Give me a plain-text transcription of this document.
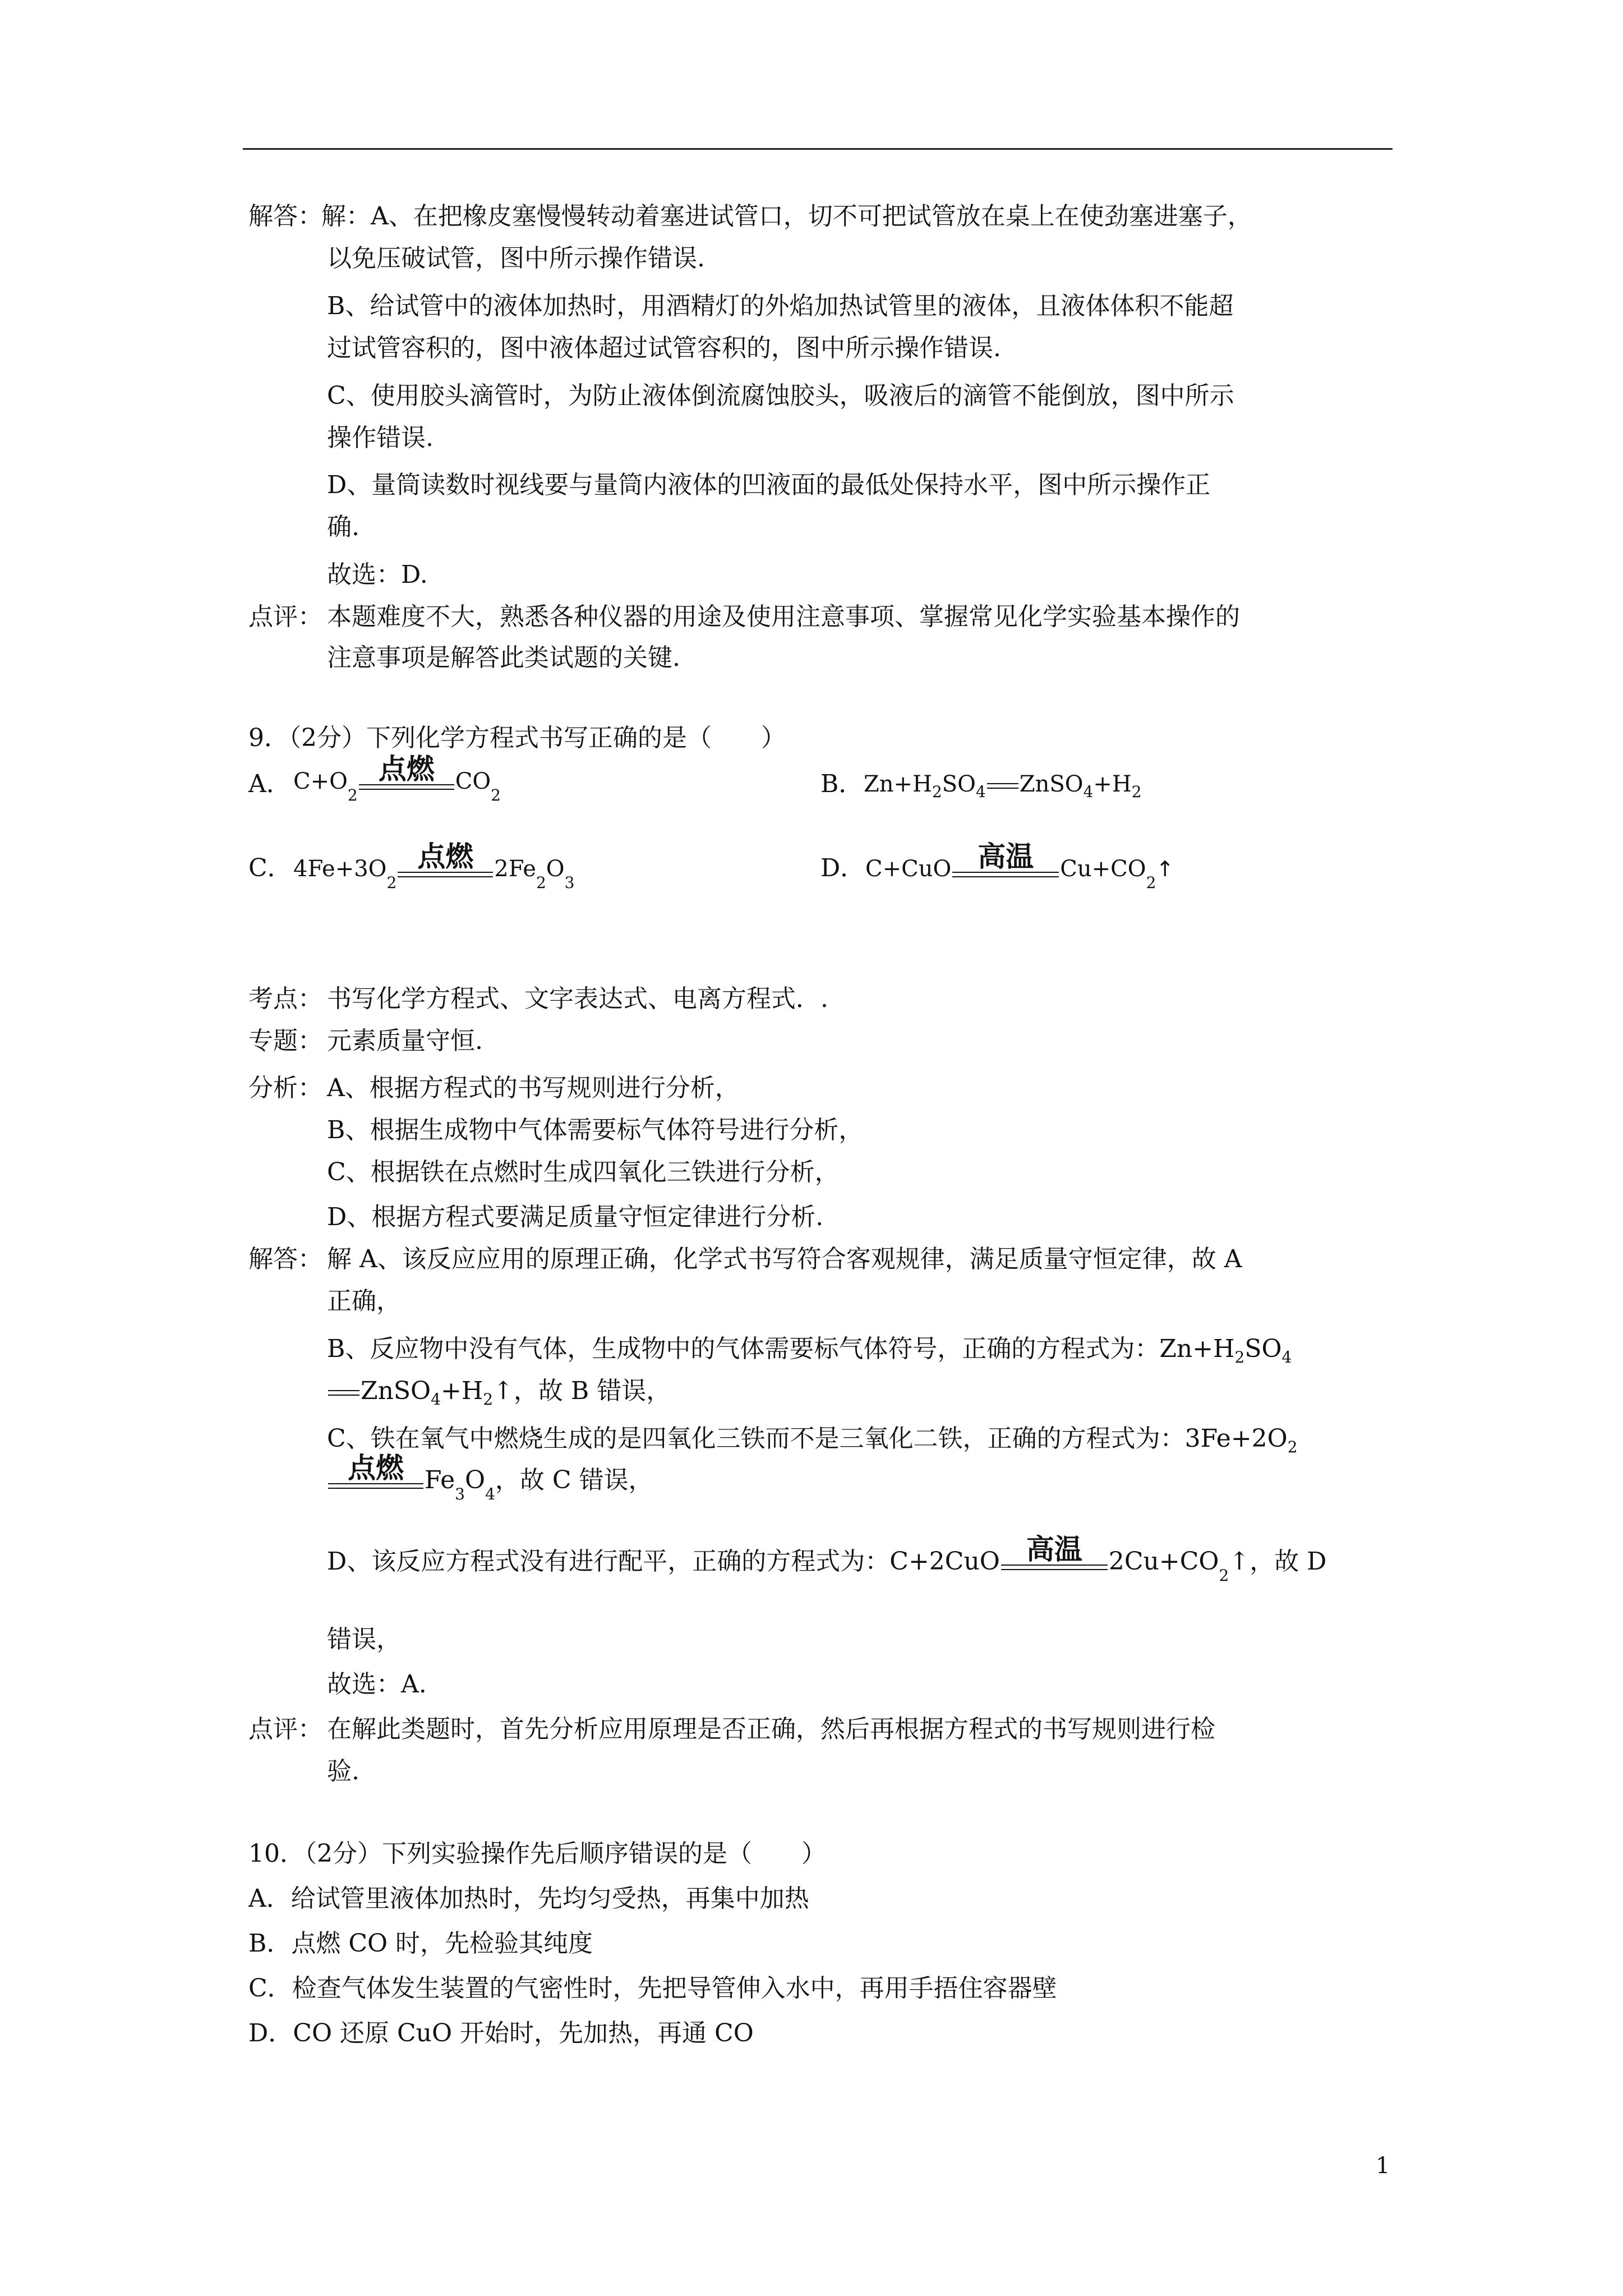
解答：
解：A、在把橡皮塞慢慢转动着塞进试管口，切不可把试管放在桌上在使劲塞进塞子，
以免压破试管，图中所示操作错误.
B、给试管中的液体加热时，用酒精灯的外焰加热试管里的液体，且液体体积不能超
过试管容积的，图中液体超过试管容积的，图中所示操作错误.
C、使用胶头滴管时，为防止液体倒流腐蚀胶头，吸液后的滴管不能倒放，图中所示
操作错误.
D、量筒读数时视线要与量筒内液体的凹液面的最低处保持水平，图中所示操作正
确.
故选：D.
点评： 本题难度不大，熟悉各种仪器的用途及使用注意事项、掌握常见化学实验基本操作的
注意事项是解答此类试题的关键.
9．（2分）下列化学方程式书写正确的是（　　）
A． C+O
2
点燃 CO
2	B． $Zn+H_2SO_4$ $ZnSO_4+H_2$
C． 4Fe+3O
2
点燃 2Fe
2
O
3
D． C+CuO 高温 Cu+CO
2
↑
考点： 书写化学方程式、文字表达式、电离方程式．.
专题： 元素质量守恒.
分析： A、根据方程式的书写规则进行分析，
B、根据生成物中气体需要标气体符号进行分析，
C、根据铁在点燃时生成四氧化三铁进行分析，
D、根据方程式要满足质量守恒定律进行分析.
解答： 解 A、该反应应用的原理正确，化学式书写符合客观规律，满足质量守恒定律，故 A
正确，
B、反应物中没有气体，生成物中的气体需要标气体符号，正确的方程式为：$Zn+H_2SO_4$
$ZnSO_4+H_2↑$，故 B 错误，
C、铁在氧气中燃烧生成的是四氧化三铁而不是三氧化二铁，正确的方程式为：$3Fe+2O_2$
点燃 Fe 3 O 4 ，故 C 错误，
D、该反应方程式没有进行配平，正确的方程式为：C+2CuO 高温 2Cu+CO 2 ↑，故 D
错误，
故选：A.
点评： 在解此类题时，首先分析应用原理是否正确，然后再根据方程式的书写规则进行检
验.
10．（2分）下列实验操作先后顺序错误的是（　　）
A．给试管里液体加热时，先均匀受热，再集中加热
B．点燃 CO 时，先检验其纯度
C．检查气体发生装置的气密性时，先把导管伸入水中，再用手捂住容器壁
D．CO 还原 CuO 开始时，先加热，再通 CO
1
